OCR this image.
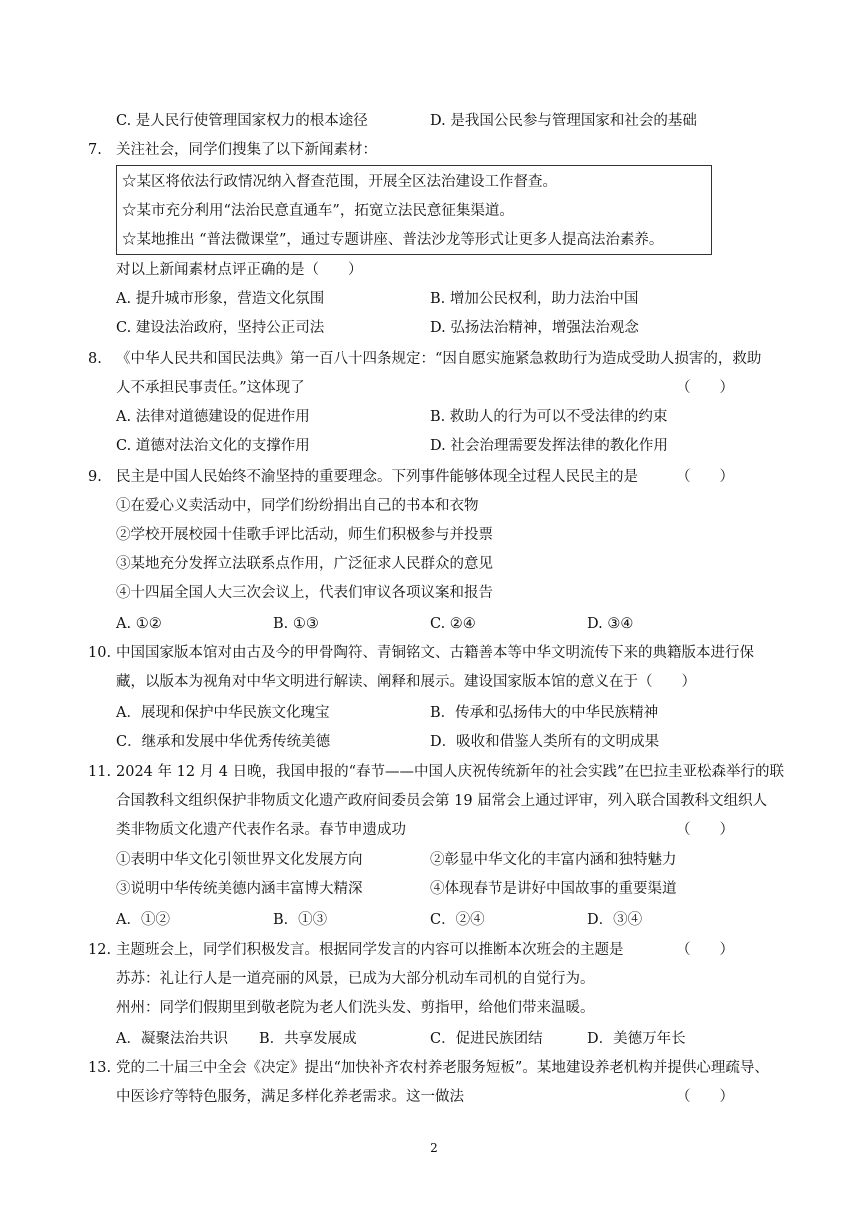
C. 是人民行使管理国家权力的根本途径	D. 是我国公民参与管理国家和社会的基础
7. 关注社会，同学们搜集了以下新闻素材：
☆某区将依法行政情况纳入督查范围，开展全区法治建设工作督查。
☆某市充分利用“法治民意直通车”，拓宽立法民意征集渠道。
☆某地推出 “普法微课堂”，通过专题讲座、普法沙龙等形式让更多人提高法治素养。
对以上新闻素材点评正确的是（　　）
A. 提升城市形象，营造文化氛围	B. 增加公民权利，助力法治中国
C. 建设法治政府，坚持公正司法	D. 弘扬法治精神，增强法治观念
8. 《中华人民共和国民法典》第一百八十四条规定：“因自愿实施紧急救助行为造成受助人损害的，救助
人不承担民事责任。”这体现了	（　　）
A. 法律对道德建设的促进作用	B. 救助人的行为可以不受法律的约束
C. 道德对法治文化的支撑作用	D. 社会治理需要发挥法律的教化作用
9. 民主是中国人民始终不渝坚持的重要理念。下列事件能够体现全过程人民民主的是	（　　）
①在爱心义卖活动中，同学们纷纷捐出自己的书本和衣物
②学校开展校园十佳歌手评比活动，师生们积极参与并投票
③某地充分发挥立法联系点作用，广泛征求人民群众的意见
④十四届全国人大三次会议上，代表们审议各项议案和报告
A. ①②	B. ①③	C. ②④	D. ③④
10. 中国国家版本馆对由古及今的甲骨陶符、青铜铭文、古籍善本等中华文明流传下来的典籍版本进行保
藏，以版本为视角对中华文明进行解读、阐释和展示。建设国家版本馆的意义在于（　　）
A．展现和保护中华民族文化瑰宝	B．传承和弘扬伟大的中华民族精神
C．继承和发展中华优秀传统美德	D．吸收和借鉴人类所有的文明成果
11. 2024 年 12 月 4 日晚，我国申报的“春节——中国人庆祝传统新年的社会实践”在巴拉圭亚松森举行的联
合国教科文组织保护非物质文化遗产政府间委员会第 19 届常会上通过评审，列入联合国教科文组织人
类非物质文化遗产代表作名录。春节申遗成功	（　　）
①表明中华文化引领世界文化发展方向	②彰显中华文化的丰富内涵和独特魅力
③说明中华传统美德内涵丰富博大精深	④体现春节是讲好中国故事的重要渠道
A．①②	B．①③	C．②④	D．③④
12. 主题班会上，同学们积极发言。根据同学发言的内容可以推断本次班会的主题是	（　　）
苏苏：礼让行人是一道亮丽的风景，已成为大部分机动车司机的自觉行为。
州州：同学们假期里到敬老院为老人们洗头发、剪指甲，给他们带来温暖。
A．凝聚法治共识 B．共享发展成	C．促进民族团结	D．美德万年长
13. 党的二十届三中全会《决定》提出“加快补齐农村养老服务短板”。某地建设养老机构并提供心理疏导、
中医诊疗等特色服务，满足多样化养老需求。这一做法	（　　）
2
